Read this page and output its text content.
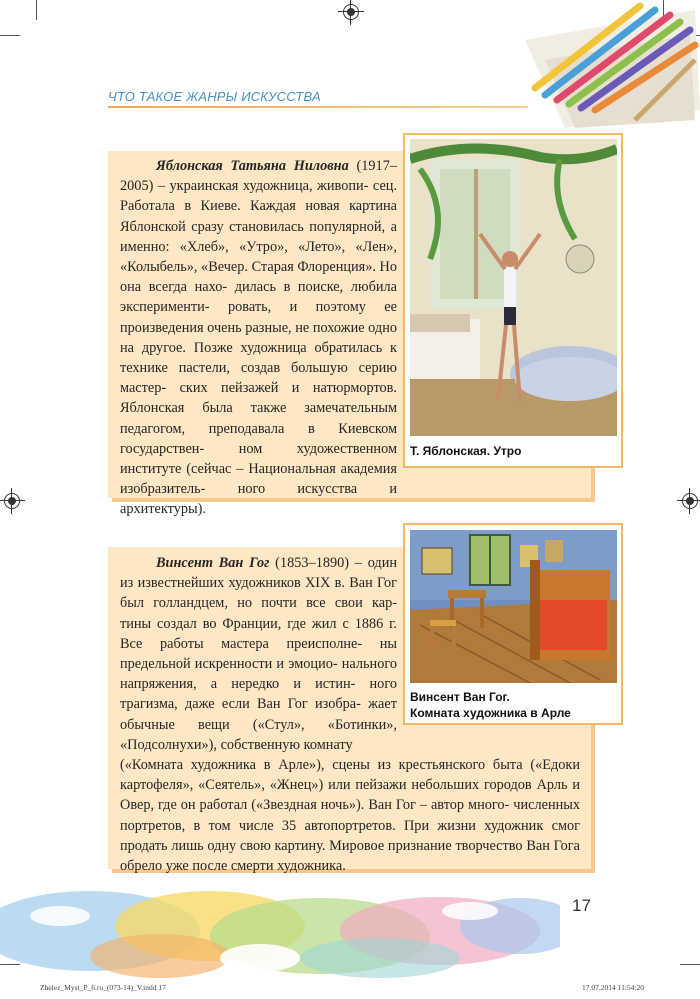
ЧТО ТАКОЕ ЖАНРЫ ИСКУССТВА
Яблонская Татьяна Ниловна (1917– 2005) – украинская художница, живопи- сец. Работала в Киеве. Каждая новая картина Яблонской сразу становилась популярной, а именно: «Хлеб», «Утро», «Лето», «Лен», «Колыбель», «Вечер. Старая Флоренция». Но она всегда нахо- дилась в поиске, любила эксперименти- ровать, и поэтому ее произведения очень разные, не похожие одно на другое. Позже художница обратилась к технике пастели, создав большую серию мастер- ских пейзажей и натюрмортов. Яблонская была также замечательным педагогом, преподавала в Киевском государствен- ном художественном институте (сейчас – Национальная академия изобразитель- ного искусства и архитектуры).
Т. Яблонская. Утро
Винсент Ван Гог (1853–1890) – один из известнейших художников XIX в. Ван Гог был голландцем, но почти все свои кар- тины создал во Франции, где жил с 1886 г. Все работы мастера преисполне- ны предельной искренности и эмоцио- нального напряжения, а нередко и истин- ного трагизма, даже если Ван Гог изобра- жает обычные вещи («Стул», «Ботинки», «Подсолнухи»), собственную комнату
(«Комната художника в Арле»), сцены из крестьянского быта («Едоки картофеля», «Сеятель», «Жнец») или пейзажи небольших городов Арль и Овер, где он работал («Звездная ночь»). Ван Гог – автор много- численных портретов, в том числе 35 автопортретов. При жизни художник смог продать лишь одну свою картину. Мировое признание творчество Ван Гога обрело уже после смерти художника.
Винсент Ван Гог.
Комната художника в Арле
17
Zhelez_Myst_P_6.ru_(073-14)_V.indd 17	17.07.2014 11:54:20
